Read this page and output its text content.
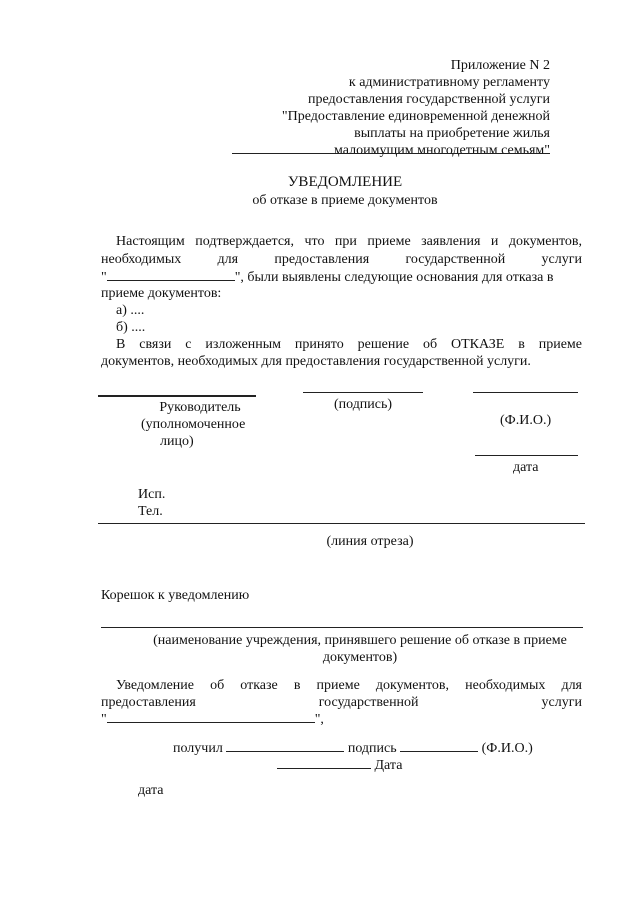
Приложение N 2
к административному регламенту
предоставления государственной услуги
"Предоставление единовременной денежной
выплаты на приобретение жилья
малоимущим многодетным семьям"
УВЕДОМЛЕНИЕ
об отказе в приеме документов
Настоящим подтверждается, что при приеме заявления и документов,
необходимых	для	предоставления	государственной	услуги
"	", были выявлены следующие основания для отказа в
приеме документов:
а) ....
б) ....
В связи с изложенным принято решение об ОТКАЗЕ в приеме
документов, необходимых для предоставления государственной услуги.
Руководитель
(уполномоченное
лицо)
(подпись)
(Ф.И.О.)
дата
Исп.
Тел.
(линия отреза)
Корешок к уведомлению
(наименование учреждения, принявшего решение об отказе в приеме
документов)
Уведомление об отказе в приеме документов, необходимых для
предоставления	государственной	услуги
"	",
получил	подпись	(Ф.И.О.)
Дата
дата
